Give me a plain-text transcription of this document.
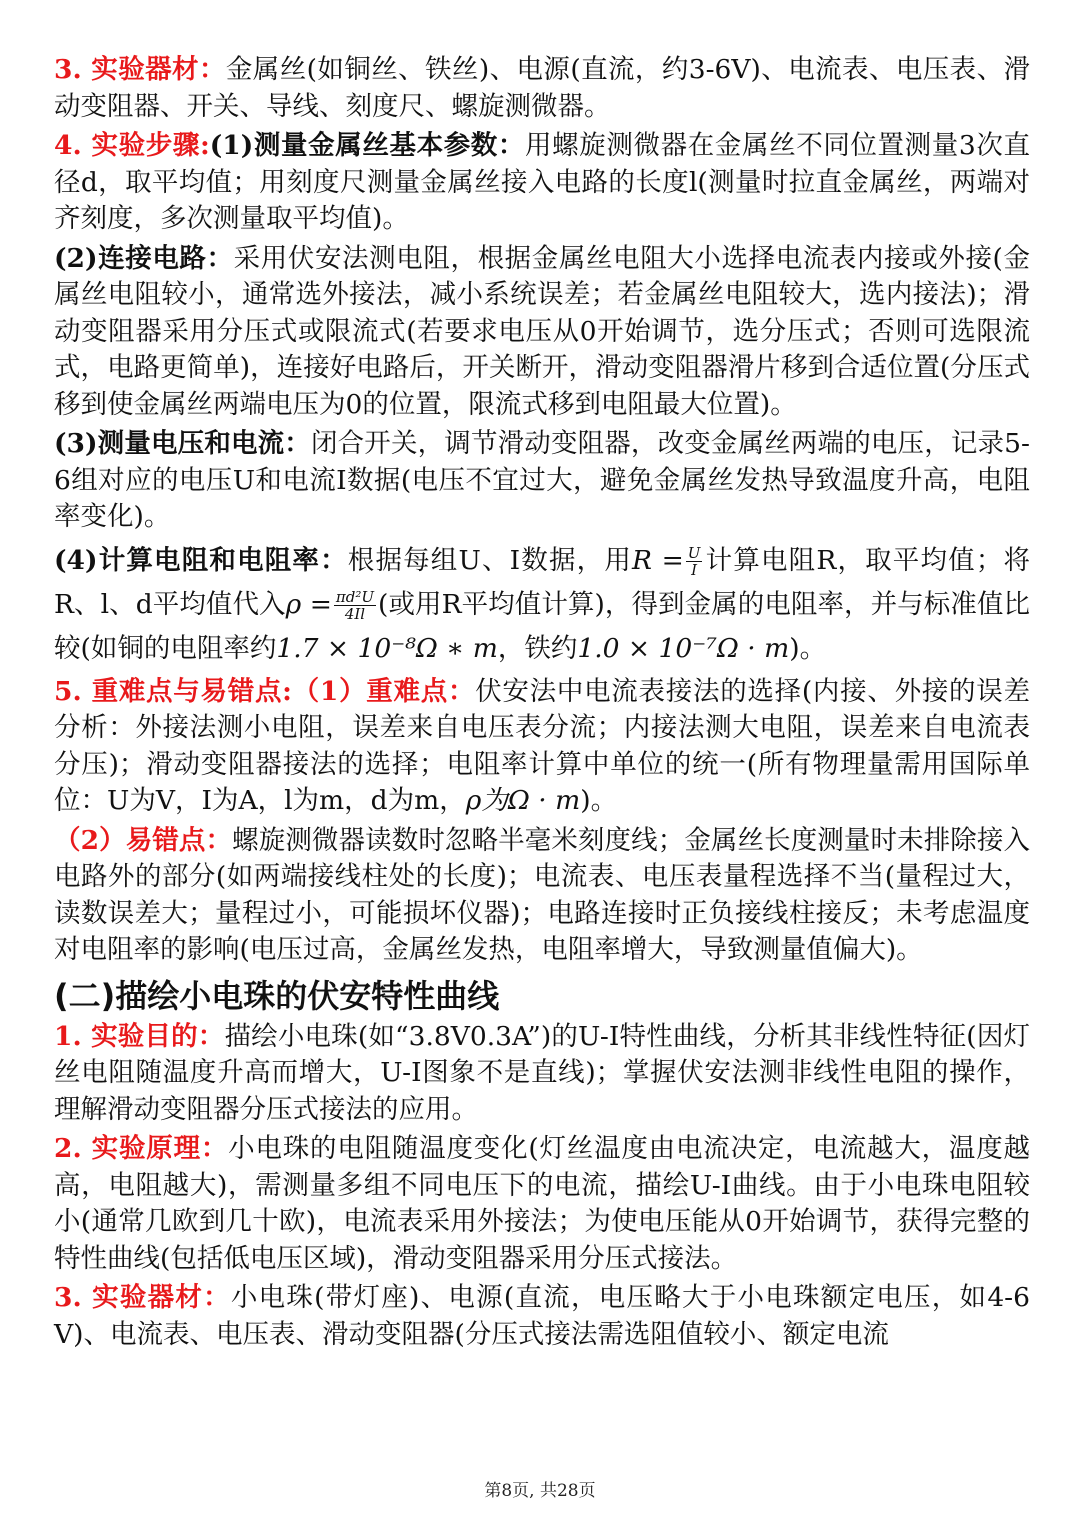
3. 实验器材：金属丝(如铜丝、铁丝)、电源(直流，约3-6V)、电流表、电压表、滑动变阻器、开关、导线、刻度尺、螺旋测微器。

4. 实验步骤:(1)测量金属丝基本参数：用螺旋测微器在金属丝不同位置测量3次直径d，取平均值；用刻度尺测量金属丝接入电路的长度l(测量时拉直金属丝，两端对齐刻度，多次测量取平均值)。

(2)连接电路：采用伏安法测电阻，根据金属丝电阻大小选择电流表内接或外接(金属丝电阻较小，通常选外接法，减小系统误差；若金属丝电阻较大，选内接法)；滑动变阻器采用分压式或限流式(若要求电压从0开始调节，选分压式；否则可选限流式，电路更简单)，连接好电路后，开关断开，滑动变阻器滑片移到合适位置(分压式移到使金属丝两端电压为0的位置，限流式移到电阻最大位置)。

(3)测量电压和电流：闭合开关，调节滑动变阻器，改变金属丝两端的电压，记录5-6组对应的电压U和电流I数据(电压不宜过大，避免金属丝发热导致温度升高，电阻率变化)。

(4)计算电阻和电阻率：根据每组U、I数据，用$R = \frac{U}{I}$ 计算电阻R，取平均值；将R、l、d平均值代入$\rho = \frac{\text{πd²U}}{4Il}$ (或用R平均值计算)，得到金属的电阻率，并与标准值比较(如铜的电阻率约1.7 × 10⁻⁸Ω ∗ m，铁约1.0 × 10⁻⁷Ω · m)。

5. 重难点与易错点:（1）重难点：伏安法中电流表接法的选择(内接、外接的误差分析：外接法测小电阻，误差来自电压表分流；内接法测大电阻，误差来自电流表分压)；滑动变阻器接法的选择；电阻率计算中单位的统一(所有物理量需用国际单位：U为V，I为A，l为m，d为m，ρ为Ω · m)。

（2）易错点：螺旋测微器读数时忽略半毫米刻度线；金属丝长度测量时未排除接入电路外的部分(如两端接线柱处的长度)；电流表、电压表量程选择不当(量程过大，读数误差大；量程过小，可能损坏仪器)；电路连接时正负接线柱接反；未考虑温度对电阻率的影响(电压过高，金属丝发热，电阻率增大，导致测量值偏大)。

(二)描绘小电珠的伏安特性曲线

1. 实验目的：描绘小电珠(如“3.8V0.3A”)的U-I特性曲线，分析其非线性特征(因灯丝电阻随温度升高而增大，U-I图象不是直线)；掌握伏安法测非线性电阻的操作，理解滑动变阻器分压式接法的应用。

2. 实验原理：小电珠的电阻随温度变化(灯丝温度由电流决定，电流越大，温度越高，电阻越大)，需测量多组不同电压下的电流，描绘U-I曲线。由于小电珠电阻较小(通常几欧到几十欧)，电流表采用外接法；为使电压能从0开始调节，获得完整的特性曲线(包括低电压区域)，滑动变阻器采用分压式接法。

3. 实验器材：小电珠(带灯座)、电源(直流，电压略大于小电珠额定电压，如4-6V)、电流表、电压表、滑动变阻器(分压式接法需选阻值较小、额定电流

第8页, 共28页
